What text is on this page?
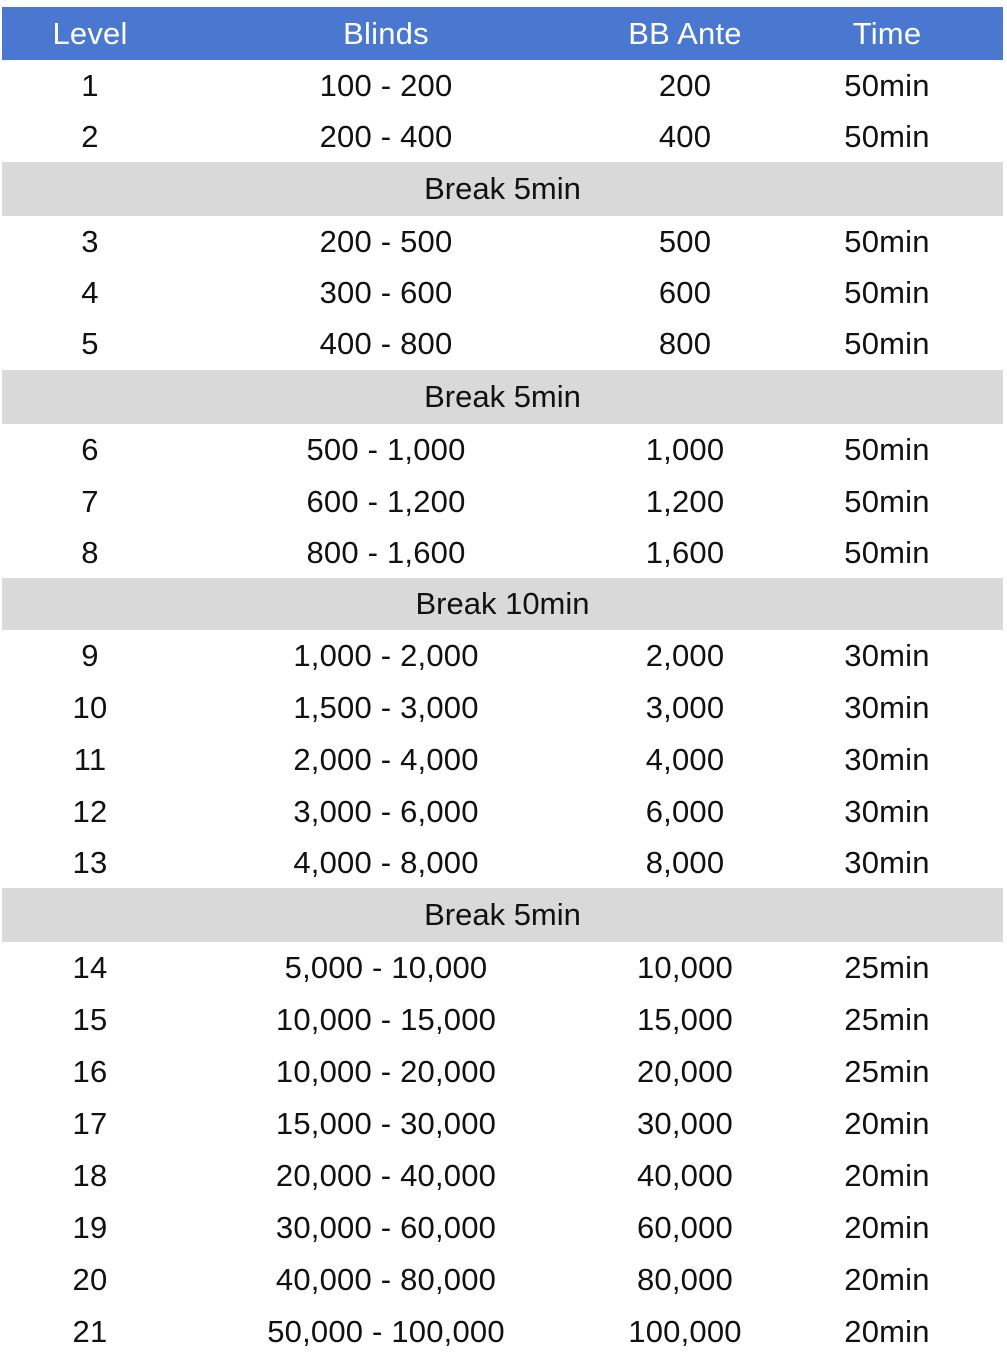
Level	Blinds	BB Ante	Time
1	100 - 200	200	50min
2	200 - 400	400	50min
Break 5min
3	200 - 500	500	50min
4	300 - 600	600	50min
5	400 - 800	800	50min
Break 5min
6	500 - 1,000	1,000	50min
7	600 - 1,200	1,200	50min
8	800 - 1,600	1,600	50min
Break 10min
9	1,000 - 2,000	2,000	30min
10	1,500 - 3,000	3,000	30min
11	2,000 - 4,000	4,000	30min
12	3,000 - 6,000	6,000	30min
13	4,000 - 8,000	8,000	30min
Break 5min
14	5,000 - 10,000	10,000	25min
15	10,000 - 15,000	15,000	25min
16	10,000 - 20,000	20,000	25min
17	15,000 - 30,000	30,000	20min
18	20,000 - 40,000	40,000	20min
19	30,000 - 60,000	60,000	20min
20	40,000 - 80,000	80,000	20min
21	50,000 - 100,000	100,000	20min
